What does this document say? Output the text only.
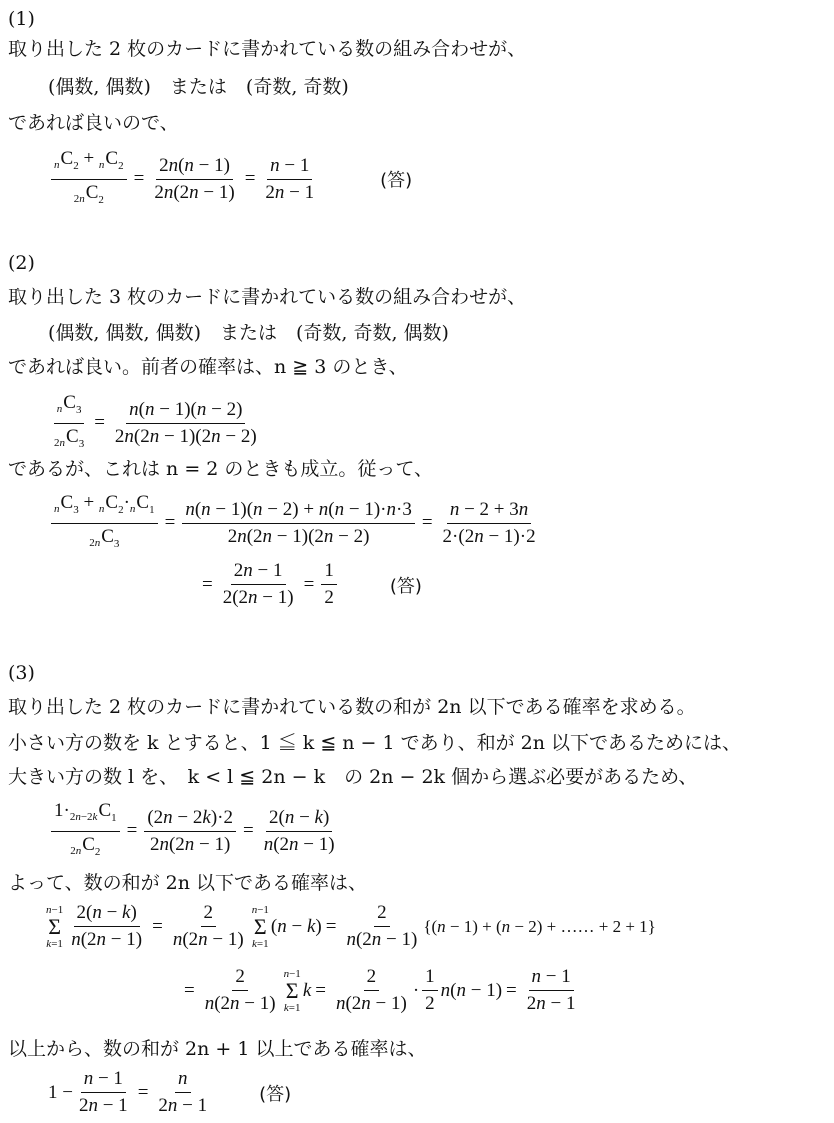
(1)
取り出した 2 枚のカードに書かれている数の組み合わせが、
(偶数, 偶数)　または　(奇数, 奇数)
であれば良いので、
$\frac{_nC_2 + _nC_2}{_{2n}C_2} = \frac{2n(n - 1)}{2n(2n - 1)} = \frac{n - 1}{2n - 1}$	(答)
(2)
取り出した 3 枚のカードに書かれている数の組み合わせが、
(偶数, 偶数, 偶数)　または　(奇数, 奇数, 偶数)
であれば良い。前者の確率は、n ≧ 3 のとき、
$\frac{_nC_3}{_{2n}C_3} = \frac{n(n - 1)(n - 2)}{2n(2n - 1)(2n - 2)}$
であるが、これは n = 2 のときも成立。従って、
$\frac{_nC_3 + _nC_2\cdot_nC_1}{_{2n}C_3} = \frac{n(n - 1)(n - 2) + n(n - 1)\cdot n\cdot 3}{2n(2n - 1)(2n - 2)} = \frac{n - 2 + 3n}{2\cdot(2n - 1)\cdot 2}$
= $\frac{2n - 1}{2(2n - 1)} = \frac{1}{2}$	(答)
(3)
取り出した 2 枚のカードに書かれている数の和が 2n 以下である確率を求める。
小さい方の数を k とすると、1 ≦ k ≦ n − 1 であり、和が 2n 以下であるためには、
大きい方の数 l を、　k < l ≦ 2n − k　の 2n − 2k 個から選ぶ必要があるため、
$\frac{1\cdot_{2n-2k}C_1}{_{2n}C_2} = \frac{(2n - 2k)\cdot 2}{2n(2n - 1)} = \frac{2(n - k)}{n(2n - 1)}$
よって、数の和が 2n 以下である確率は、
n−1
Σ
$k=1 \frac{2(n - k)}{n(2n - 1)} = \frac{2}{n(2n - 1)} n-1$
Σ
k=1
$(n - k) = \frac{2}{n(2n - 1)} \{(n - 1) + (n - 2)$ + …… + 2 + 1}
= $\frac{2}{n(2n - 1)} n-1$
Σ
k=1
$k = \frac{2}{n(2n - 1)} \cdot \frac{1}{2} n(n - 1) = \frac{n - 1}{2n - 1}$
以上から、数の和が 2n + 1 以上である確率は、
$1 - \frac{n - 1}{2n - 1} = \frac{n}{2n - 1}$	(答)
